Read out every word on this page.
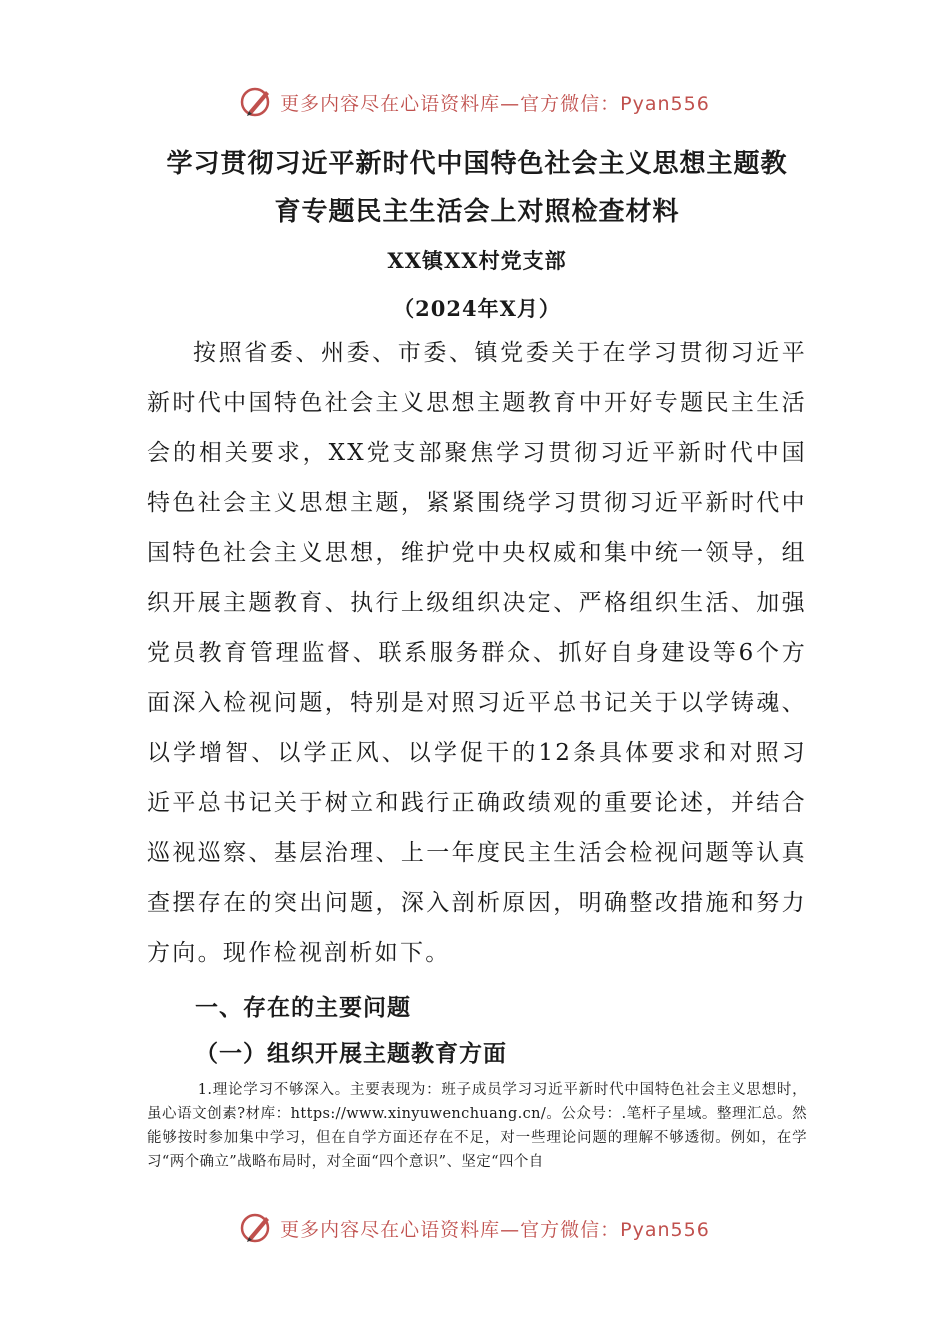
更多内容尽在心语资料库—官方微信：Pyan556

学习贯彻习近平新时代中国特色社会主义思想主题教

育专题民主生活会上对照检查材料

XX镇XX村党支部

（2024年X月）

按照省委、州委、市委、镇党委关于在学习贯彻习近平新时代中国特色社会主义思想主题教育中开好专题民主生活会的相关要求，XX党支部聚焦学习贯彻习近平新时代中国特色社会主义思想主题，紧紧围绕学习贯彻习近平新时代中国特色社会主义思想，维护党中央权威和集中统一领导，组织开展主题教育、执行上级组织决定、严格组织生活、加强党员教育管理监督、联系服务群众、抓好自身建设等6个方面深入检视问题，特别是对照习近平总书记关于以学铸魂、以学增智、以学正风、以学促干的12条具体要求和对照习近平总书记关于树立和践行正确政绩观的重要论述，并结合巡视巡察、基层治理、上一年度民主生活会检视问题等认真查摆存在的突出问题，深入剖析原因，明确整改措施和努力方向。现作检视剖析如下。

一、存在的主要问题

（一）组织开展主题教育方面

1.理论学习不够深入。主要表现为：班子成员学习习近平新时代中国特色社会主义思想时，虽心语文创素?材库：https://www.xinyuwenchuang.cn/。公众号：.笔杆子星域。整理汇总。然能够按时参加集中学习，但在自学方面还存在不足，对一些理论问题的理解不够透彻。例如，在学习“两个确立”战略布局时，对全面“四个意识”、坚定“四个自

更多内容尽在心语资料库—官方微信：Pyan556
